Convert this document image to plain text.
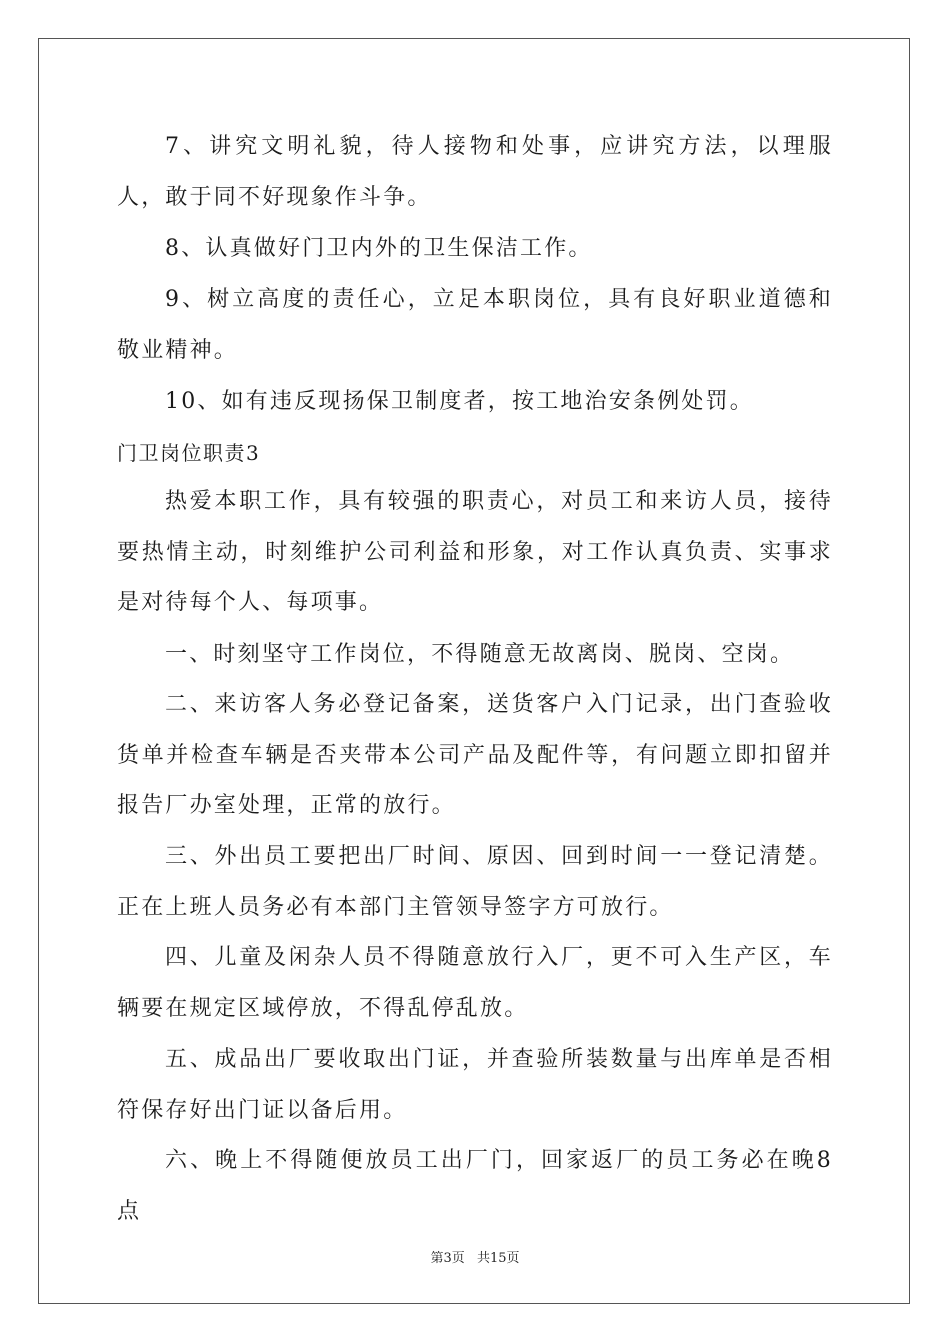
7、讲究文明礼貌，待人接物和处事，应讲究方法，以理服人，敢于同不好现象作斗争。

8、认真做好门卫内外的卫生保洁工作。

9、树立高度的责任心，立足本职岗位，具有良好职业道德和敬业精神。

10、如有违反现扬保卫制度者，按工地治安条例处罚。

门卫岗位职责3

热爱本职工作，具有较强的职责心，对员工和来访人员，接待要热情主动，时刻维护公司利益和形象，对工作认真负责、实事求是对待每个人、每项事。

一、时刻坚守工作岗位，不得随意无故离岗、脱岗、空岗。

二、来访客人务必登记备案，送货客户入门记录，出门查验收货单并检查车辆是否夹带本公司产品及配件等，有问题立即扣留并报告厂办室处理，正常的放行。

三、外出员工要把出厂时间、原因、回到时间一一登记清楚。正在上班人员务必有本部门主管领导签字方可放行。

四、儿童及闲杂人员不得随意放行入厂，更不可入生产区，车辆要在规定区域停放，不得乱停乱放。

五、成品出厂要收取出门证，并查验所装数量与出库单是否相符保存好出门证以备后用。

六、晚上不得随便放员工出厂门，回家返厂的员工务必在晚8点

第3页 共15页
